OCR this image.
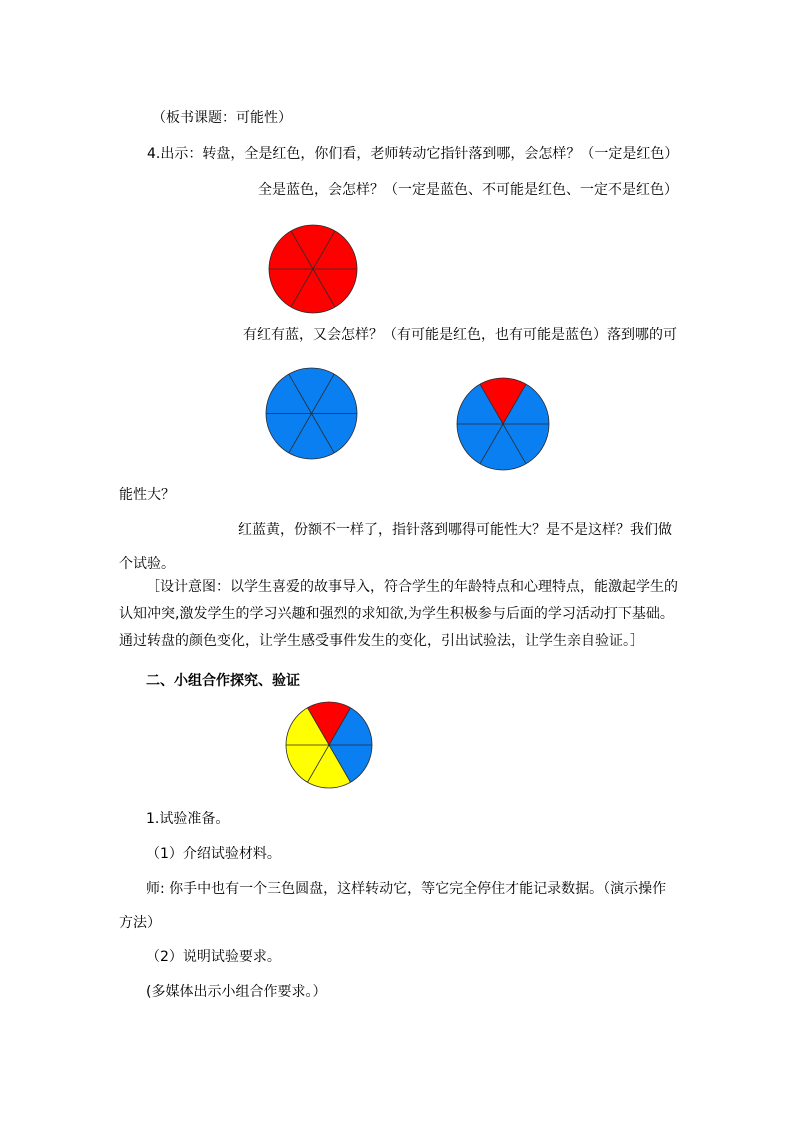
（板书课题：可能性）
4.出示：转盘，全是红色，你们看，老师转动它指针落到哪，会怎样？（一定是红色）
全是蓝色，会怎样？（一定是蓝色、不可能是红色、一定不是红色）
有红有蓝，又会怎样？（有可能是红色，也有可能是蓝色）落到哪的可
能性大？
红蓝黄，份额不一样了，指针落到哪得可能性大？是不是这样？我们做
个试验。
［设计意图：以学生喜爱的故事导入，符合学生的年龄特点和心理特点，能激起学生的
认知冲突,激发学生的学习兴趣和强烈的求知欲,为学生积极参与后面的学习活动打下基础。
通过转盘的颜色变化，让学生感受事件发生的变化，引出试验法，让学生亲自验证。］
二、小组合作探究、验证
1.试验准备。
（1）介绍试验材料。
师: 你手中也有一个三色圆盘，这样转动它，等它完全停住才能记录数据。（演示操作
方法）
（2）说明试验要求。
(多媒体出示小组合作要求。）
